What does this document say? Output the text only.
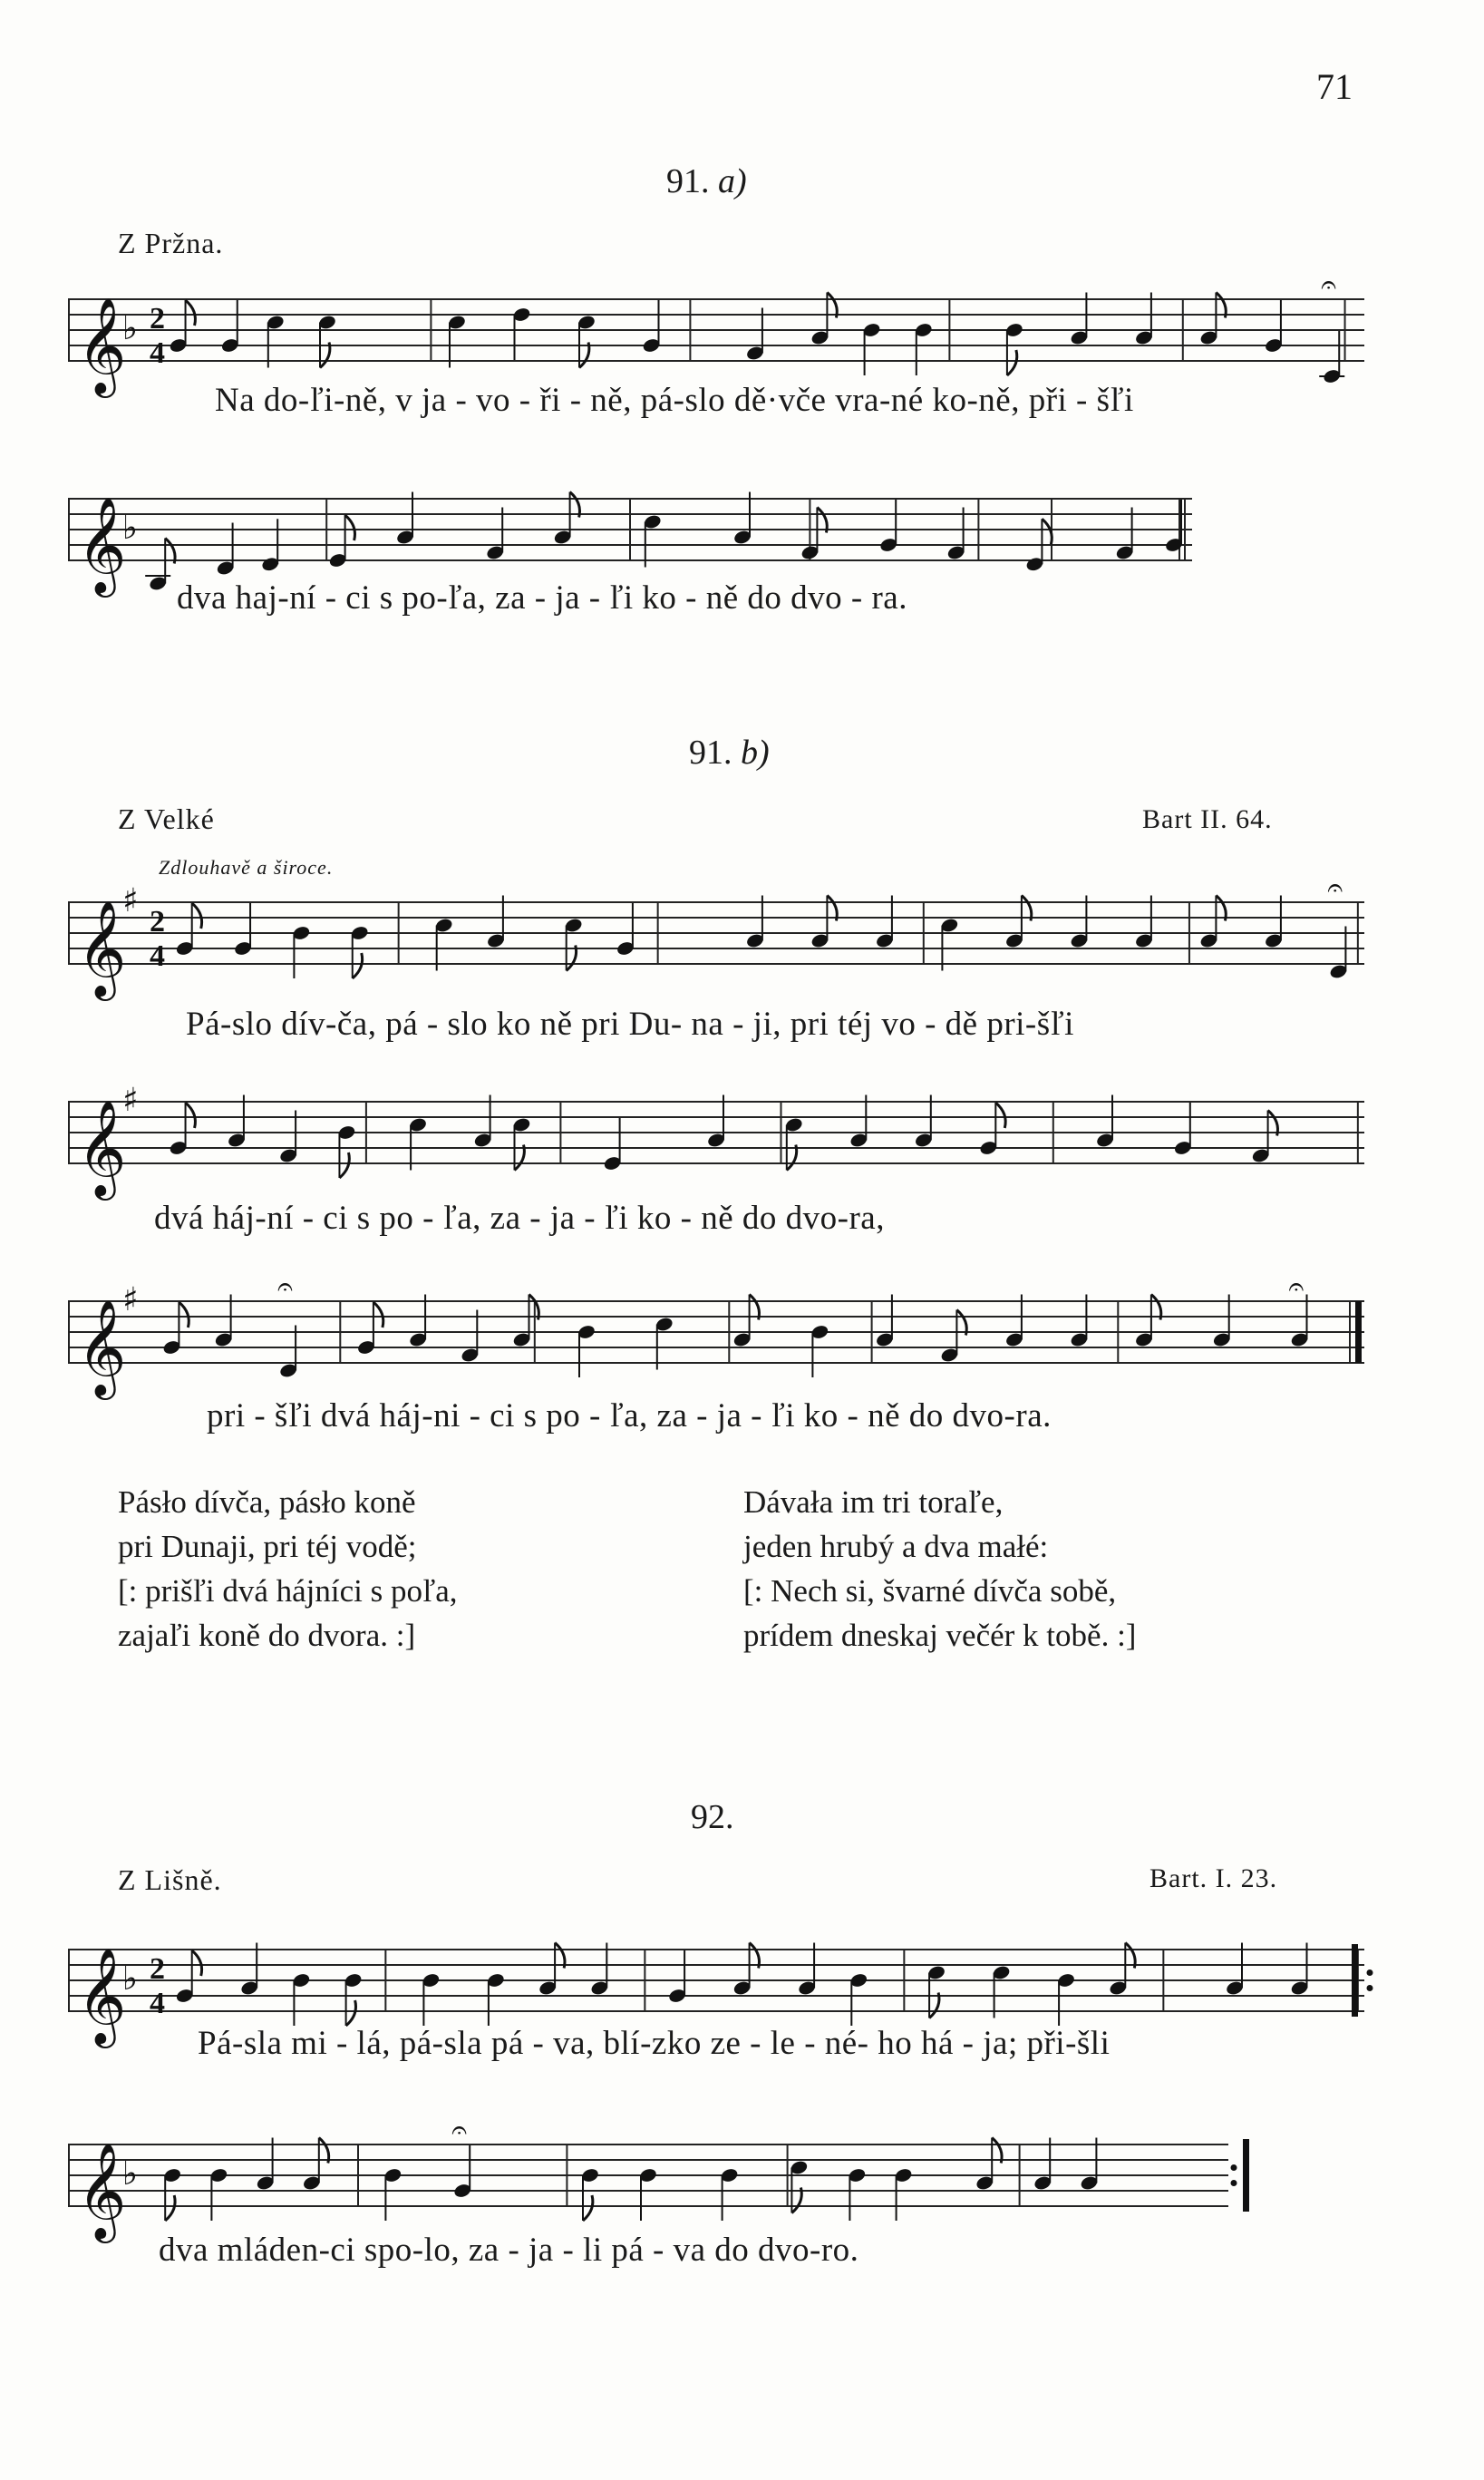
71
91. a)
Z Pržna.
𝄞
♭ 2
4
𝄐
Na do-ľi-ně, v ja - vo - ři - ně, pá-slo dě·vče vra-né ko-ně, při - šľi
𝄞
♭
dva haj-ní - ci s po-ľa, za - ja - ľi ko - ně do dvo - ra.
91. b)
Z Velké	Bart II. 64.
Zdlouhavě a široce.
𝄞
♯
2
4
𝄐
Pá-slo dív-ča, pá - slo ko ně pri Du- na - ji, pri téj vo - dě pri-šľi
𝄞
♯
dvá háj-ní - ci s po - ľa, za - ja - ľi ko - ně do dvo-ra,
𝄞
♯	𝄐	𝄐
pri - šľi dvá háj-ni - ci s po - ľa, za - ja - ľi ko - ně do dvo-ra.
Pásło dívča, pásło koně
pri Dunaji, pri téj vodě;
[: prišľi dvá hájníci s poľa,
zajaľi koně do dvora. :]
Dávała im tri toraľe,
jeden hrubý a dva małé:
[: Nech si, švarné dívča sobě,
prídem dneskaj večér k tobě. :]
92.
Z Lišně.	Bart. I. 23.
𝄞
♭ 2
4
Pá-sla mi - lá, pá-sla pá - va, blí-zko ze - le - né- ho há - ja; při-šli
𝄞
♭
𝄐
dva mláden-ci spo-lo, za - ja - li pá - va do dvo-ro.
